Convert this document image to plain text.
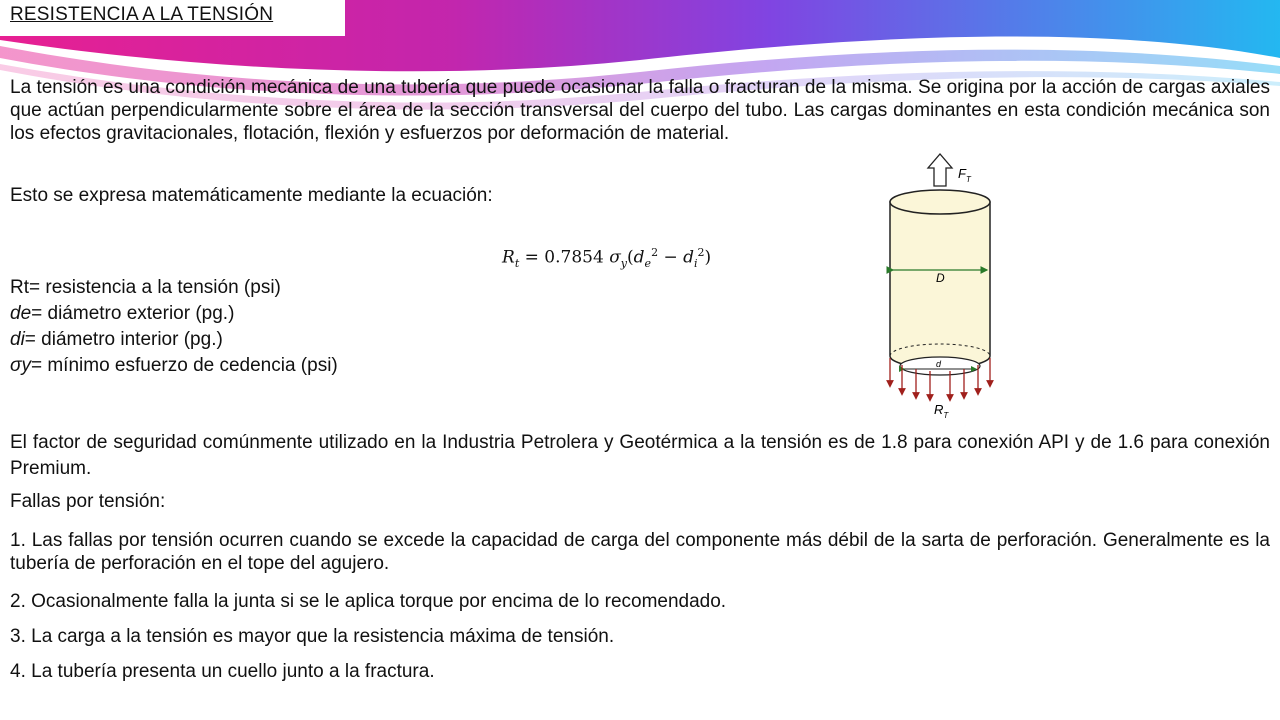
RESISTENCIA A LA TENSIÓN

La tensión es una condición mecánica de una tubería que puede ocasionar la falla o fracturan de la misma. Se origina por la acción de cargas axiales que actúan perpendicularmente sobre el área de la sección transversal del cuerpo del tubo. Las cargas dominantes en esta condición mecánica son los efectos gravitacionales, flotación, flexión y esfuerzos por deformación de material.

Esto se expresa matemáticamente mediante la ecuación:

$R_t = 0.7854$ $\sigma_y(d_e^2 - d_i^2)$

Rt= resistencia a la tensión (psi)

de= diámetro exterior (pg.)

di= diámetro interior (pg.)

σy= mínimo esfuerzo de cedencia (psi)

El factor de seguridad comúnmente utilizado en la Industria Petrolera y Geotérmica a la tensión es de 1.8 para conexión API y de 1.6 para conexión Premium.

Fallas por tensión:

1. Las fallas por tensión ocurren cuando se excede la capacidad de carga del componente más débil de la sarta de perforación. Generalmente es la tubería de perforación en el tope del agujero.

2. Ocasionalmente falla la junta si se le aplica torque por encima de lo recomendado.

3. La carga a la tensión es mayor que la resistencia máxima de tensión.

4. La tubería presenta un cuello junto a la fractura.

$F_T$
D
d
$R_T$
